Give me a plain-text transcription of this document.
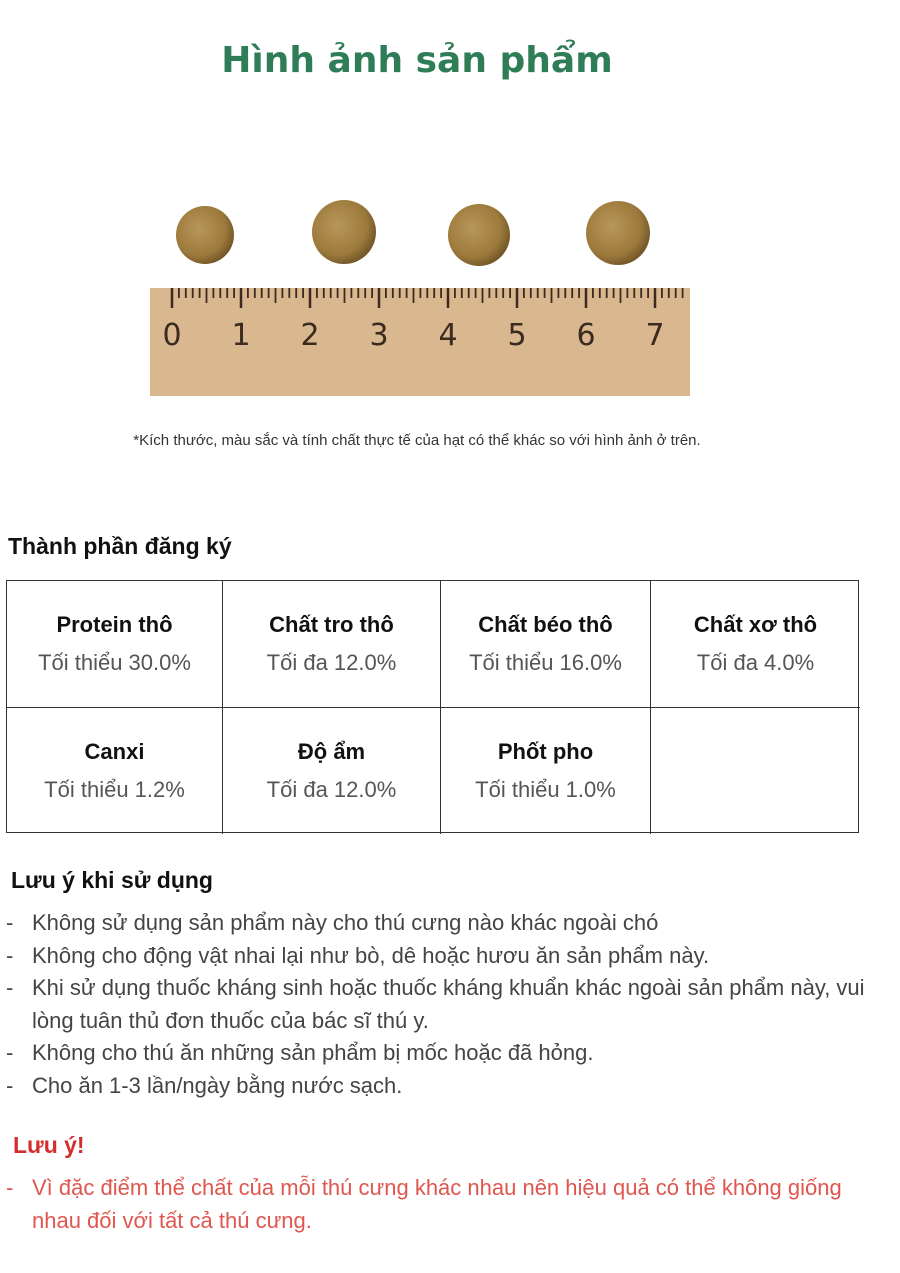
Hình ảnh sản phẩm
0 1 2 3 4 5 6 7
*Kích thước, màu sắc và tính chất thực tế của hạt có thể khác so với hình ảnh ở trên.
Thành phần đăng ký
Protein thô
Tối thiểu 30.0%
Chất tro thô
Tối đa 12.0%
Chất béo thô
Tối thiểu 16.0%
Chất xơ thô
Tối đa 4.0%
Canxi
Tối thiểu 1.2%
Độ ẩm
Tối đa 12.0%
Phốt pho
Tối thiểu 1.0%
Lưu ý khi sử dụng
- Không sử dụng sản phẩm này cho thú cưng nào khác ngoài chó
- Không cho động vật nhai lại như bò, dê hoặc hươu ăn sản phẩm này.
- Khi sử dụng thuốc kháng sinh hoặc thuốc kháng khuẩn khác ngoài sản phẩm này, vui lòng tuân thủ đơn thuốc của bác sĩ thú y.
- Không cho thú ăn những sản phẩm bị mốc hoặc đã hỏng.
- Cho ăn 1-3 lần/ngày bằng nước sạch.
Lưu ý!
- Vì đặc điểm thể chất của mỗi thú cưng khác nhau nên hiệu quả có thể không giống nhau đối với tất cả thú cưng.
